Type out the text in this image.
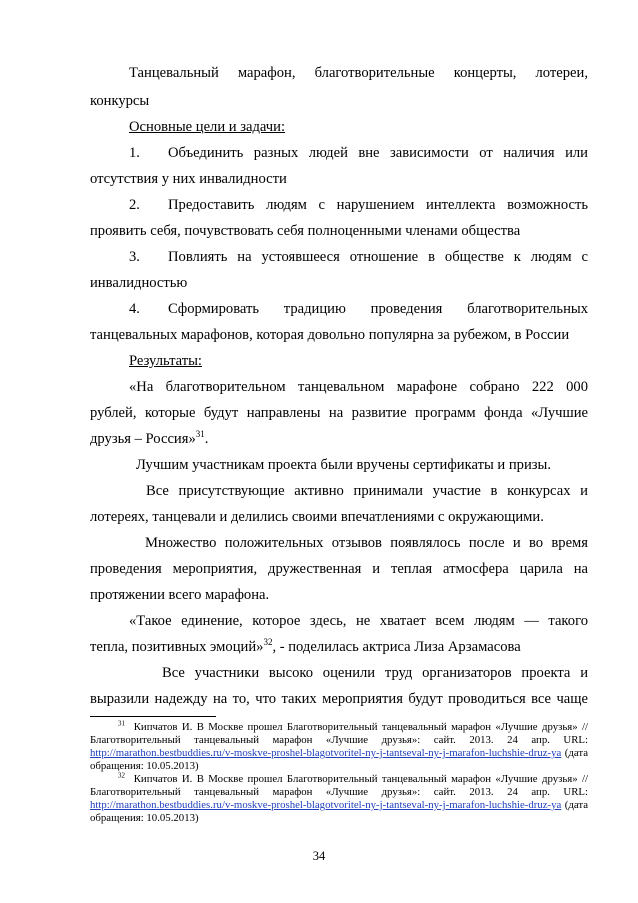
Танцевальный марафон, благотворительные концерты, лотереи,
конкурсы
Основные цели и задачи:
1.	Объединить разных людей вне зависимости от наличия или
отсутствия у них инвалидности
2.	Предоставить людям с нарушением интеллекта возможность
проявить себя, почувствовать себя полноценными членами общества
3.	Повлиять на устоявшееся отношение в обществе к людям с
инвалидностью
4.	Сформировать традицию проведения благотворительных
танцевальных марафонов, которая довольно популярна за рубежом, в России
Результаты:
«На благотворительном танцевальном марафоне собрано 222 000
рублей, которые будут направлены на развитие программ фонда «Лучшие
друзья – Россия»$^{31}$.
Лучшим участникам проекта были вручены сертификаты и призы.
Все присутствующие активно принимали участие в конкурсах и
лотереях, танцевали и делились своими впечатлениями с окружающими.
Множество положительных отзывов появлялось после и во время
проведения мероприятия, дружественная и теплая атмосфера царила на
протяжении всего марафона.
«Такое единение, которое здесь, не хватает всем людям — такого
тепла, позитивных эмоций»$^{32}$, - поделилась актриса Лиза Арзамасова
Все участники высоко оценили труд организаторов проекта и
выразили надежду на то, что таких мероприятия будут проводиться все чаще
$^{31}$ Кипчатов И. В Москве прошел Благотворительный танцевальный марафон «Лучшие друзья» //
Благотворительный танцевальный марафон «Лучшие друзья»: сайт. 2013. 24 апр. URL:
http://marathon.bestbuddies.ru/v-moskve-proshel-blagotvoritel-ny-j-tantseval-ny-j-marafon-luchshie-druz-ya (дата
обращения: 10.05.2013)
$^{32}$ Кипчатов И. В Москве прошел Благотворительный танцевальный марафон «Лучшие друзья» //
Благотворительный танцевальный марафон «Лучшие друзья»: сайт. 2013. 24 апр. URL:
http://marathon.bestbuddies.ru/v-moskve-proshel-blagotvoritel-ny-j-tantseval-ny-j-marafon-luchshie-druz-ya (дата
обращения: 10.05.2013)
34
